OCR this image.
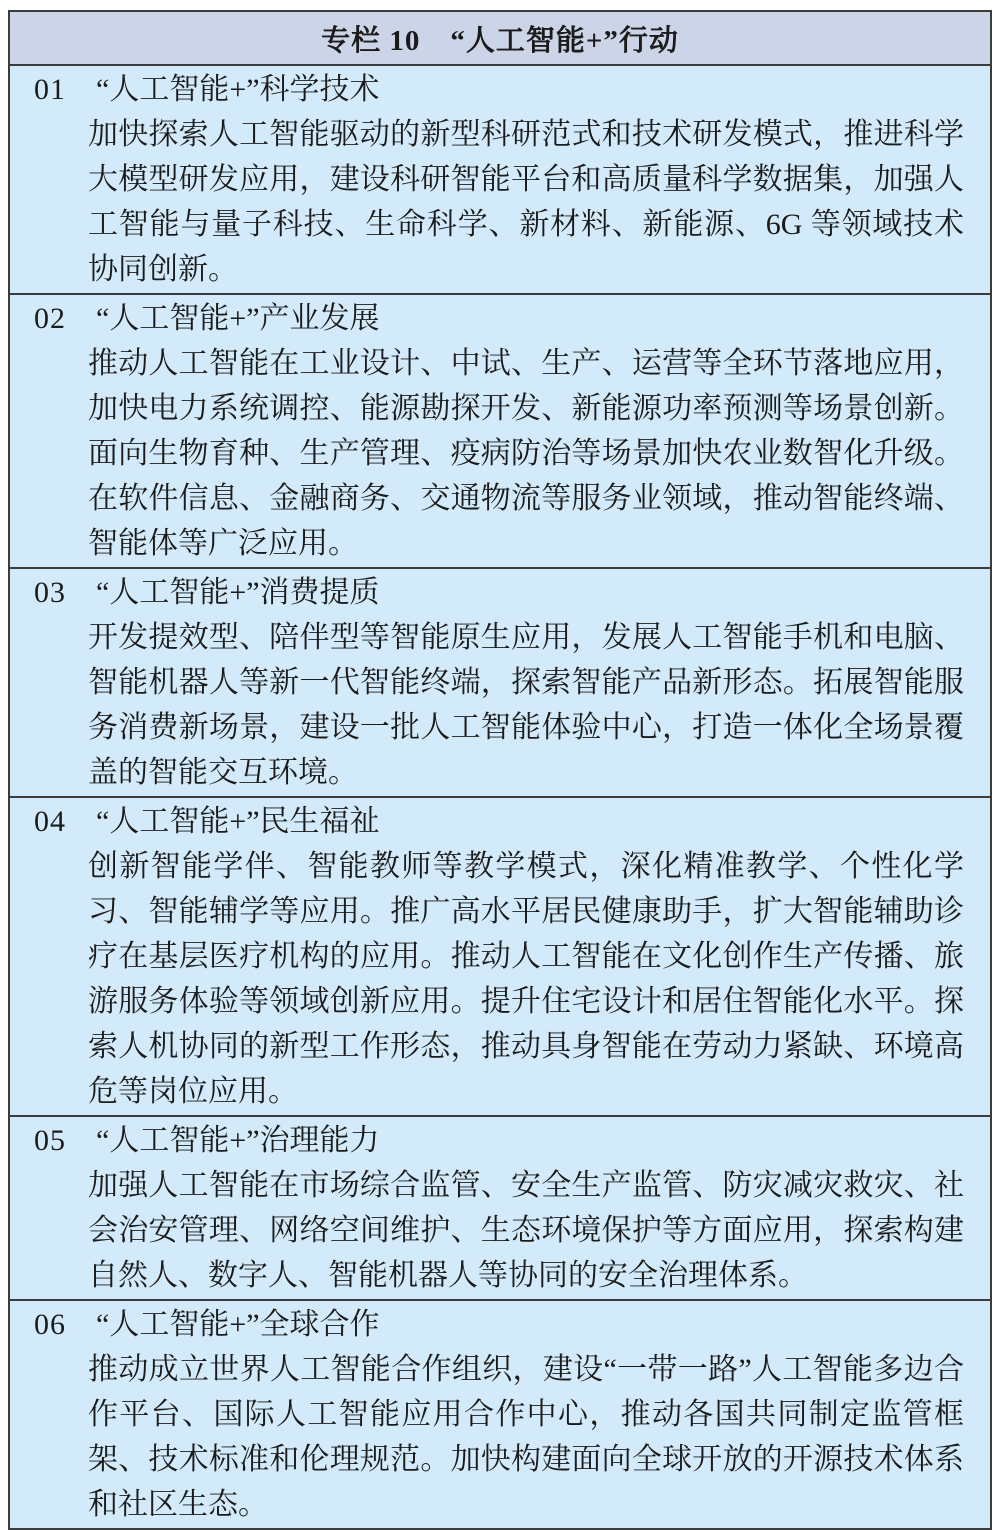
专栏 10　“人工智能+”行动
01	“人工智能+”科学技术
加快探索人工智能驱动的新型科研范式和技术研发模式，推进科学大模型研发应用，建设科研智能平台和高质量科学数据集，加强人工智能与量子科技、生命科学、新材料、新能源、6G 等领域技术协同创新。
02	“人工智能+”产业发展
推动人工智能在工业设计、中试、生产、运营等全环节落地应用，加快电力系统调控、能源勘探开发、新能源功率预测等场景创新。面向生物育种、生产管理、疫病防治等场景加快农业数智化升级。在软件信息、金融商务、交通物流等服务业领域，推动智能终端、智能体等广泛应用。
03	“人工智能+”消费提质
开发提效型、陪伴型等智能原生应用，发展人工智能手机和电脑、智能机器人等新一代智能终端，探索智能产品新形态。拓展智能服务消费新场景，建设一批人工智能体验中心，打造一体化全场景覆盖的智能交互环境。
04	“人工智能+”民生福祉
创新智能学伴、智能教师等教学模式，深化精准教学、个性化学习、智能辅学等应用。推广高水平居民健康助手，扩大智能辅助诊疗在基层医疗机构的应用。推动人工智能在文化创作生产传播、旅游服务体验等领域创新应用。提升住宅设计和居住智能化水平。探索人机协同的新型工作形态，推动具身智能在劳动力紧缺、环境高危等岗位应用。
05	“人工智能+”治理能力
加强人工智能在市场综合监管、安全生产监管、防灾减灾救灾、社会治安管理、网络空间维护、生态环境保护等方面应用，探索构建自然人、数字人、智能机器人等协同的安全治理体系。
06	“人工智能+”全球合作
推动成立世界人工智能合作组织，建设“一带一路”人工智能多边合作平台、国际人工智能应用合作中心，推动各国共同制定监管框架、技术标准和伦理规范。加快构建面向全球开放的开源技术体系和社区生态。
